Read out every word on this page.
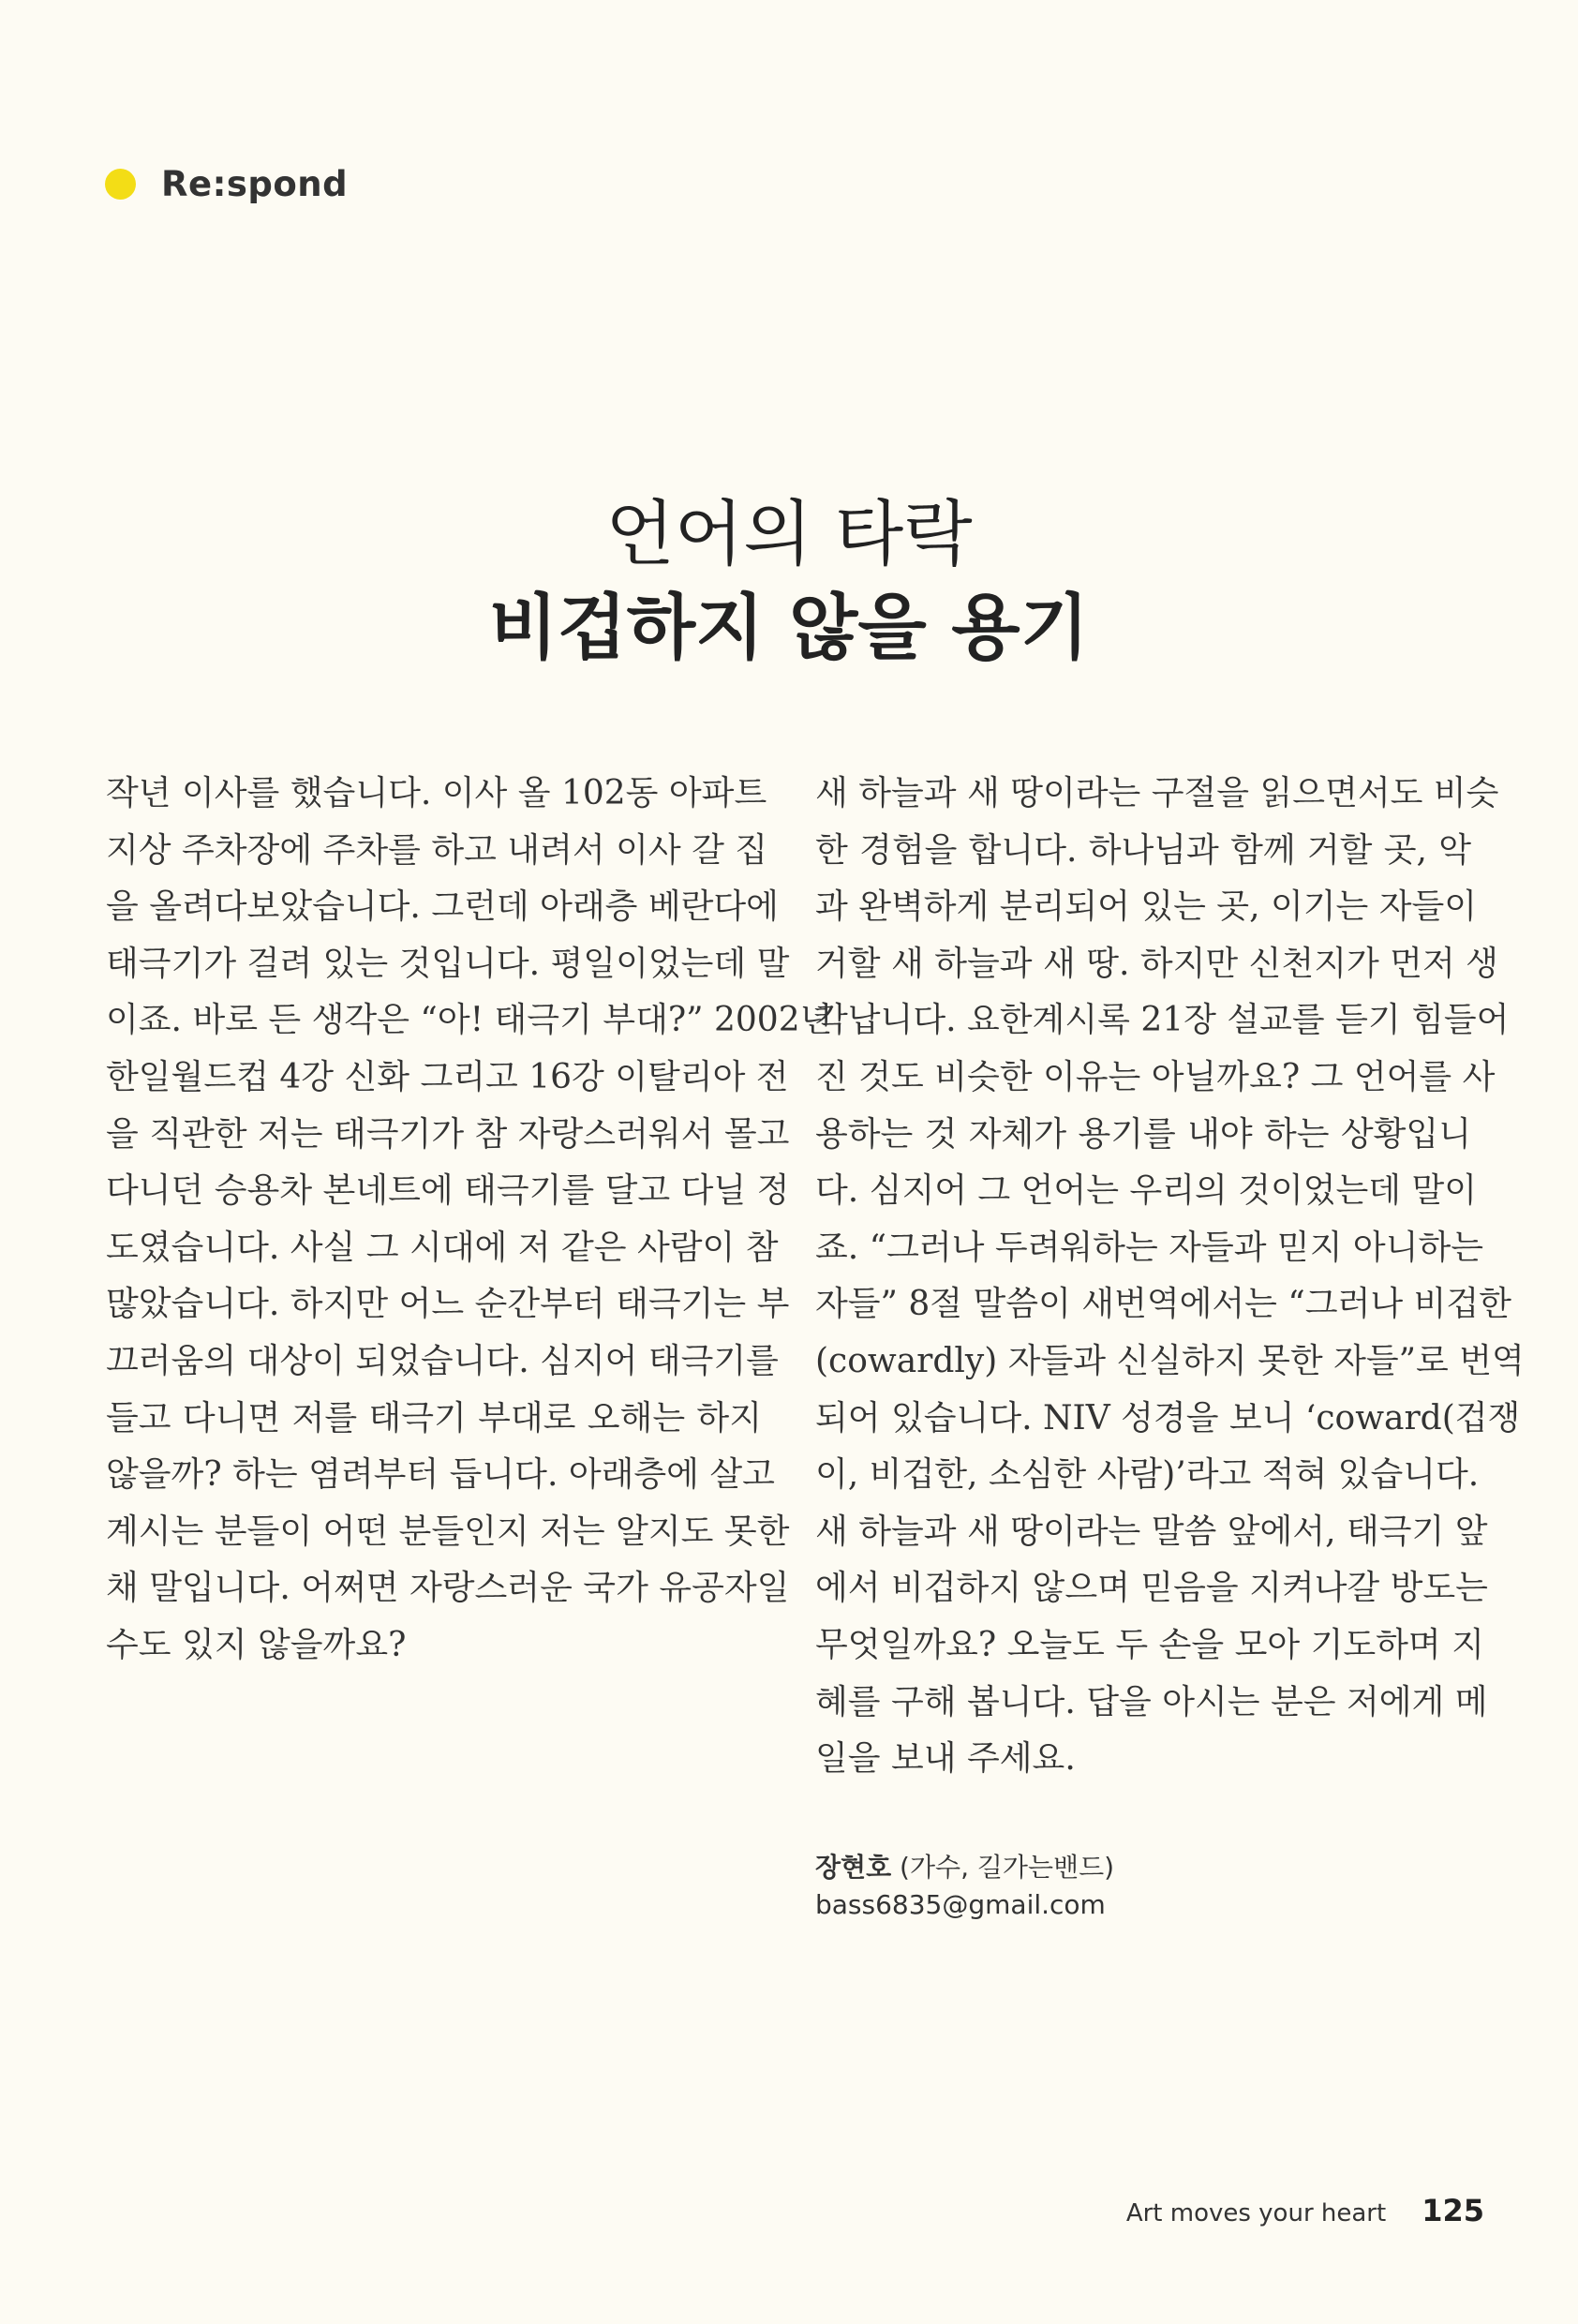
Re:spond

언어의 타락

비겁하지 않을 용기

작년 이사를 했습니다. 이사 올 102동 아파트
지상 주차장에 주차를 하고 내려서 이사 갈 집
을 올려다보았습니다. 그런데 아래층 베란다에
태극기가 걸려 있는 것입니다. 평일이었는데 말
이죠. 바로 든 생각은 “아! 태극기 부대?” 2002년
한일월드컵 4강 신화 그리고 16강 이탈리아 전
을 직관한 저는 태극기가 참 자랑스러워서 몰고
다니던 승용차 본네트에 태극기를 달고 다닐 정
도였습니다. 사실 그 시대에 저 같은 사람이 참
많았습니다. 하지만 어느 순간부터 태극기는 부
끄러움의 대상이 되었습니다. 심지어 태극기를
들고 다니면 저를 태극기 부대로 오해는 하지
않을까? 하는 염려부터 듭니다. 아래층에 살고
계시는 분들이 어떤 분들인지 저는 알지도 못한
채 말입니다. 어쩌면 자랑스러운 국가 유공자일
수도 있지 않을까요?
새 하늘과 새 땅이라는 구절을 읽으면서도 비슷
한 경험을 합니다. 하나님과 함께 거할 곳, 악
과 완벽하게 분리되어 있는 곳, 이기는 자들이
거할 새 하늘과 새 땅. 하지만 신천지가 먼저 생
각납니다. 요한계시록 21장 설교를 듣기 힘들어
진 것도 비슷한 이유는 아닐까요? 그 언어를 사
용하는 것 자체가 용기를 내야 하는 상황입니
다. 심지어 그 언어는 우리의 것이었는데 말이
죠. “그러나 두려워하는 자들과 믿지 아니하는
자들” 8절 말씀이 새번역에서는 “그러나 비겁한
(cowardly) 자들과 신실하지 못한 자들”로 번역
되어 있습니다. NIV 성경을 보니 ‘coward(겁쟁
이, 비겁한, 소심한 사람)’라고 적혀 있습니다.
새 하늘과 새 땅이라는 말씀 앞에서, 태극기 앞
에서 비겁하지 않으며 믿음을 지켜나갈 방도는
무엇일까요? 오늘도 두 손을 모아 기도하며 지
혜를 구해 봅니다. 답을 아시는 분은 저에게 메
일을 보내 주세요.
장현호 (가수, 길가는밴드)
bass6835@gmail.com
Art moves your heart 125
